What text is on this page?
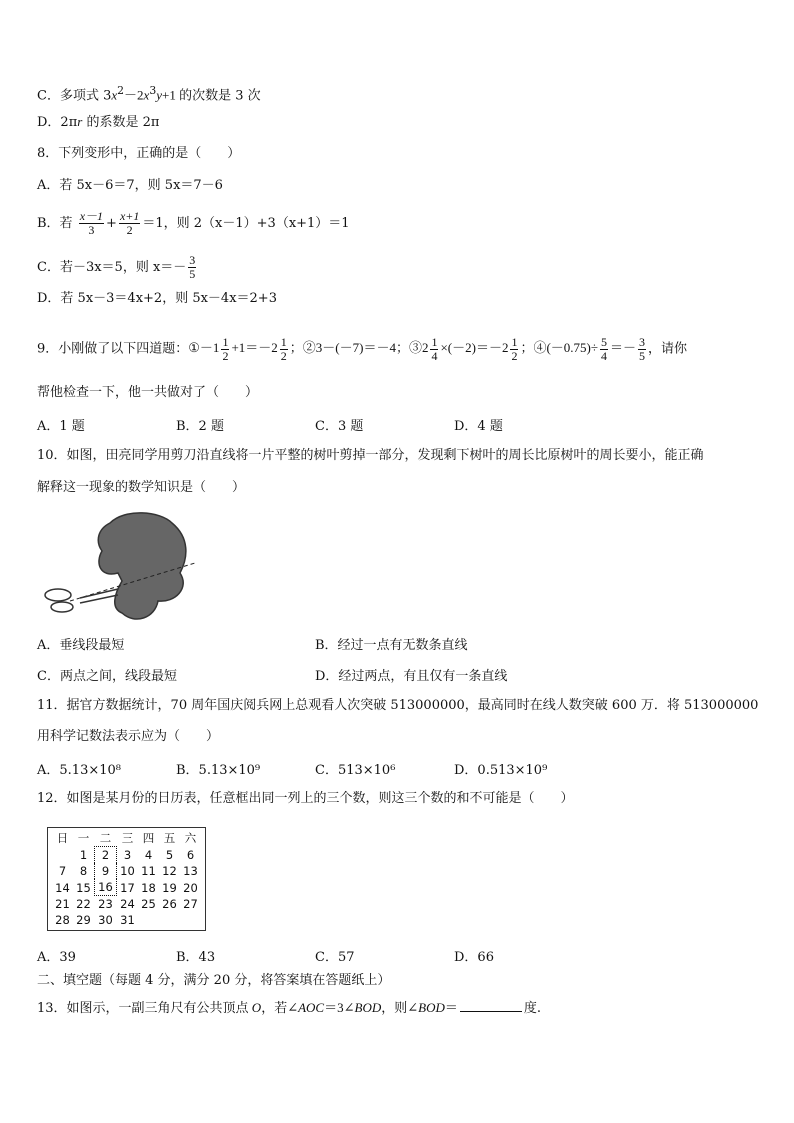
C．多项式 $3x^2-2x^3y+1$ 的次数是 3 次
D．2πr 的系数是 2π
8．下列变形中，正确的是（　　）
A．若 5x－6＝7，则 5x＝7－6
B．若 $\frac{x-1}{3} + \frac{x+1}{2} =1$，则 2（x－1）+3（x+1）＝1
C．若－3x＝5，则 $x=- \frac{3}{5}$
D．若 5x－3＝4x+2，则 5x－4x＝2+3
9．小刚做了以下四道题：①－1 $\frac{1}{2} +1=-2 \frac{1}{2}$ ；②3－(－7)＝－4；③2 $\frac{1}{4} \times(-2)=-2 \frac{1}{2}$ ；④(－0.75)÷ $\frac{5}{4} =- \frac{3}{5}$ ，请你
帮他检查一下，他一共做对了（　　）
A．1 题	B．2 题	C．3 题	D．4 题
10．如图，田亮同学用剪刀沿直线将一片平整的树叶剪掉一部分，发现剩下树叶的周长比原树叶的周长要小，能正确
解释这一现象的数学知识是（　　）
A．垂线段最短	B．经过一点有无数条直线
C．两点之间，线段最短	D．经过两点，有且仅有一条直线
11．据官方数据统计，70 周年国庆阅兵网上总观看人次突破 513000000，最高同时在线人数突破 600 万．将 513000000
用科学记数法表示应为（　　）
A．5.13×10⁸	B．5.13×10⁹	C．513×10⁶	D．0.513×10⁹
12．如图是某月份的日历表，任意框出同一列上的三个数，则这三个数的和不可能是（　　）
日	一	二	三	四	五	六
	1	2	3	4	5	6
7	8	9	10	11	12	13
14	15	16	17	18	19	20
21	22	23	24	25	26	27
28	29	30	31			
A．39	B．43	C．57	D．66
二、填空题（每题 4 分，满分 20 分，将答案填在答题纸上）
13．如图示，一副三角尺有公共顶点 O，若∠AOC＝3∠BOD，则∠BOD＝	度.
